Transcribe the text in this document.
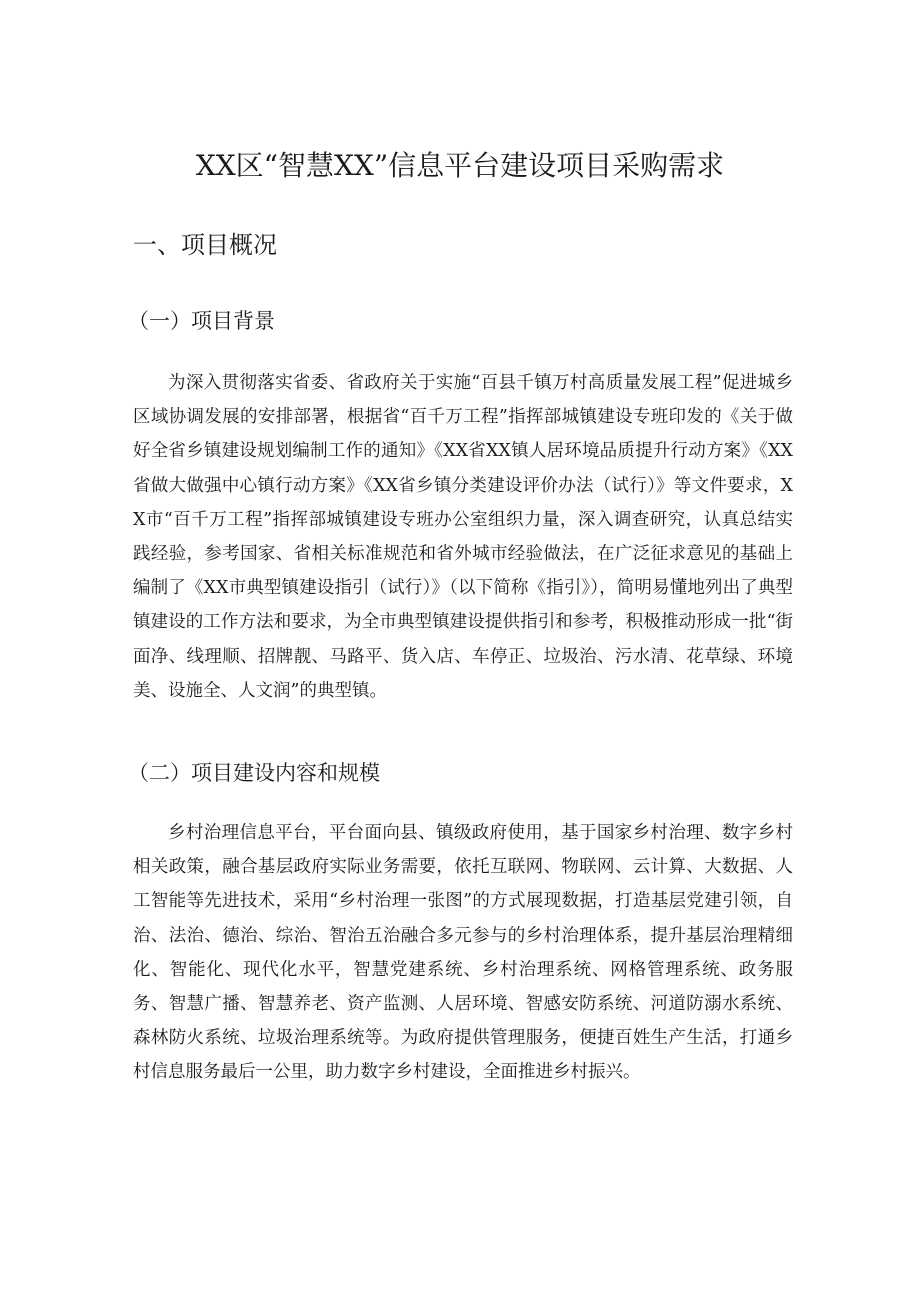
XX区“智慧XX”信息平台建设项目采购需求
一、项目概况
（一）项目背景

为深入贯彻落实省委、省政府关于实施“百县千镇万村高质量发展工程”促进城乡区域协调发展的安排部署，根据省“百千万工程”指挥部城镇建设专班印发的《关于做好全省乡镇建设规划编制工作的通知》《XX省XX镇人居环境品质提升行动方案》《XX省做大做强中心镇行动方案》《XX省乡镇分类建设评价办法（试行）》等文件要求，XX市“百千万工程”指挥部城镇建设专班办公室组织力量，深入调查研究，认真总结实践经验，参考国家、省相关标准规范和省外城市经验做法，在广泛征求意见的基础上编制了《XX市典型镇建设指引（试行）》（以下简称《指引》），简明易懂地列出了典型镇建设的工作方法和要求，为全市典型镇建设提供指引和参考，积极推动形成一批“街面净、线理顺、招牌靓、马路平、货入店、车停正、垃圾治、污水清、花草绿、环境美、设施全、人文润”的典型镇。

（二）项目建设内容和规模

乡村治理信息平台，平台面向县、镇级政府使用，基于国家乡村治理、数字乡村相关政策，融合基层政府实际业务需要，依托互联网、物联网、云计算、大数据、人工智能等先进技术，采用“乡村治理一张图”的方式展现数据，打造基层党建引领，自治、法治、德治、综治、智治五治融合多元参与的乡村治理体系，提升基层治理精细化、智能化、现代化水平，智慧党建系统、乡村治理系统、网格管理系统、政务服务、智慧广播、智慧养老、资产监测、人居环境、智感安防系统、河道防溺水系统、森林防火系统、垃圾治理系统等。为政府提供管理服务，便捷百姓生产生活，打通乡村信息服务最后一公里，助力数字乡村建设，全面推进乡村振兴。
